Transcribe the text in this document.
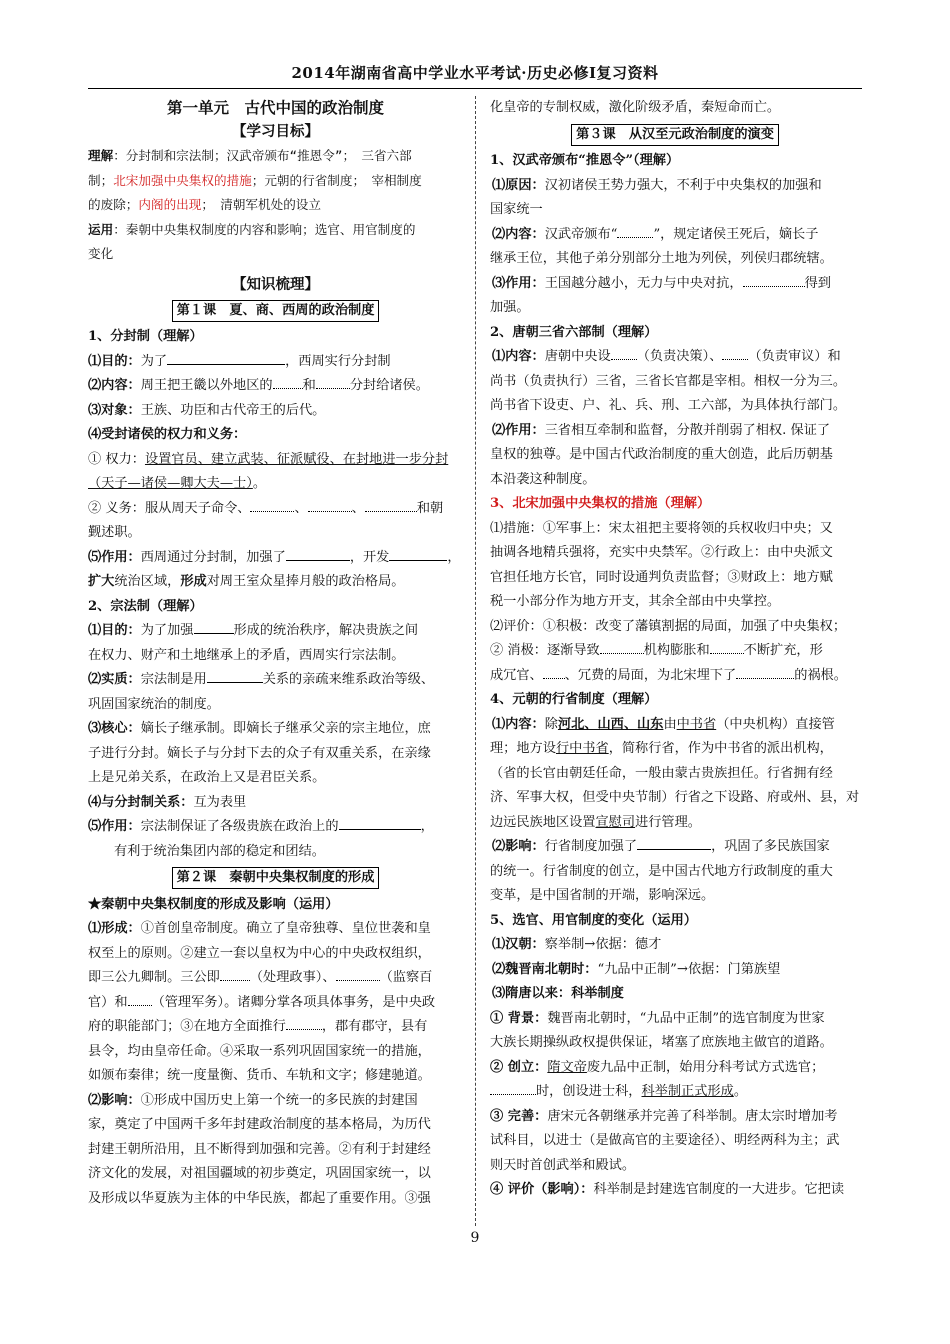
2014年湖南省高中学业水平考试·历史必修Ⅰ复习资料
第一单元　古代中国的政治制度
【学习目标】

理解：分封制和宗法制；汉武帝颁布“推恩令”；　三省六部

制；北宋加强中央集权的措施；元朝的行省制度；　宰相制度

的废除；内阁的出现；　清朝军机处的设立

运用：秦朝中央集权制度的内容和影响；选官、用官制度的

变化

【知识梳理】
第１课　夏、商、西周的政治制度

1、分封制（理解）

⑴目的：为了	，西周实行分封制

⑵内容：周王把王畿以外地区的 和	分封给诸侯。

⑶对象：王族、功臣和古代帝王的后代。

⑷受封诸侯的权力和义务：

① 权力：设置官员、建立武装、征派赋役、在封地进一步分封

（天子—诸侯—卿大夫—士）。

② 义务：服从周天子命令、	、	、	和朝

觐述职。

⑸作用：西周通过分封制，加强了	，开发	，

扩大统治区域，形成对周王室众星捧月般的政治格局。

2、宗法制（理解）

⑴目的：为了加强	形成的统治秩序，解决贵族之间

在权力、财产和土地继承上的矛盾，西周实行宗法制。

⑵实质：宗法制是用	关系的亲疏来维系政治等级、

巩固国家统治的制度。

⑶核心：嫡长子继承制。即嫡长子继承父亲的宗主地位，庶

子进行分封。嫡长子与分封下去的众子有双重关系，在亲缘

上是兄弟关系，在政治上又是君臣关系。

⑷与分封制关系：互为表里

⑸作用：宗法制保证了各级贵族在政治上的	，

有利于统治集团内部的稳定和团结。

第２课　秦朝中央集权制度的形成

★秦朝中央集权制度的形成及影响（运用）

⑴形成：①首创皇帝制度。确立了皇帝独尊、皇位世袭和皇

权至上的原则。②建立一套以皇权为中心的中央政权组织，

即三公九卿制。三公即 （处理政事）、	（监察百

官）和 （管理军务）。诸卿分掌各项具体事务，是中央政

府的职能部门；③在地方全面推行	，郡有郡守，县有

县令，均由皇帝任命。④采取一系列巩固国家统一的措施，

如颁布秦律；统一度量衡、货币、车轨和文字；修建驰道。

⑵影响：①形成中国历史上第一个统一的多民族的封建国

家，奠定了中国两千多年封建政治制度的基本格局，为历代

封建王朝所沿用，且不断得到加强和完善。②有利于封建经

济文化的发展，对祖国疆域的初步奠定，巩固国家统一，以

及形成以华夏族为主体的中华民族，都起了重要作用。③强

化皇帝的专制权威，激化阶级矛盾，秦短命而亡。

第３课　从汉至元政治制度的演变

1、汉武帝颁布“推恩令”（理解）

⑴原因：汉初诸侯王势力强大，不利于中央集权的加强和

国家统一

⑵内容：汉武帝颁布“	”，规定诸侯王死后，嫡长子

继承王位，其他子弟分别部分土地为列侯，列侯归郡统辖。

⑶作用：王国越分越小，无力与中央对抗，	得到

加强。

2、唐朝三省六部制（理解）

⑴内容：唐朝中央设 （负责决策）、 （负责审议）和

尚书（负责执行）三省，三省长官都是宰相。相权一分为三。

尚书省下设吏、户、礼、兵、刑、工六部，为具体执行部门。

⑵作用：三省相互牵制和监督，分散并削弱了相权. 保证了

皇权的独尊。是中国古代政治制度的重大创造，此后历朝基

本沿袭这种制度。

3、北宋加强中央集权的措施（理解）

⑴措施：①军事上：宋太祖把主要将领的兵权收归中央；又

抽调各地精兵强将，充实中央禁军。②行政上：由中央派文

官担任地方长官，同时设通判负责监督；③财政上：地方赋

税一小部分作为地方开支，其余全部由中央掌控。

⑵评价：①积极：改变了藩镇割据的局面，加强了中央集权；

② 消极：逐渐导致	机构膨胀和	不断扩充，形

成冗官、 、冗费的局面，为北宋埋下了	的祸根。

4、元朝的行省制度（理解）

⑴内容：除河北、山西、山东由中书省（中央机构）直接管

理；地方设行中书省，简称行省，作为中书省的派出机构，

（省的长官由朝廷任命，一般由蒙古贵族担任。行省拥有经

济、军事大权，但受中央节制）行省之下设路、府或州、县，对

边远民族地区设置宣慰司进行管理。

⑵影响：行省制度加强了	，巩固了多民族国家

的统一。行省制度的创立，是中国古代地方行政制度的重大

变革，是中国省制的开端，影响深远。

5、选官、用官制度的变化（运用）

⑴汉朝：察举制→依据：德才

⑵魏晋南北朝时：“九品中正制”→依据：门第族望

⑶隋唐以来：科举制度

① 背景：魏晋南北朝时，“九品中正制”的选官制度为世家

大族长期操纵政权提供保证，堵塞了庶族地主做官的道路。

② 创立：隋文帝废九品中正制，始用分科考试方式选官；

时，创设进士科，科举制正式形成。

③ 完善：唐宋元各朝继承并完善了科举制。唐太宗时增加考

试科目，以进士（是做高官的主要途径）、明经两科为主；武

则天时首创武举和殿试。

④ 评价（影响）：科举制是封建选官制度的一大进步。它把读

9
